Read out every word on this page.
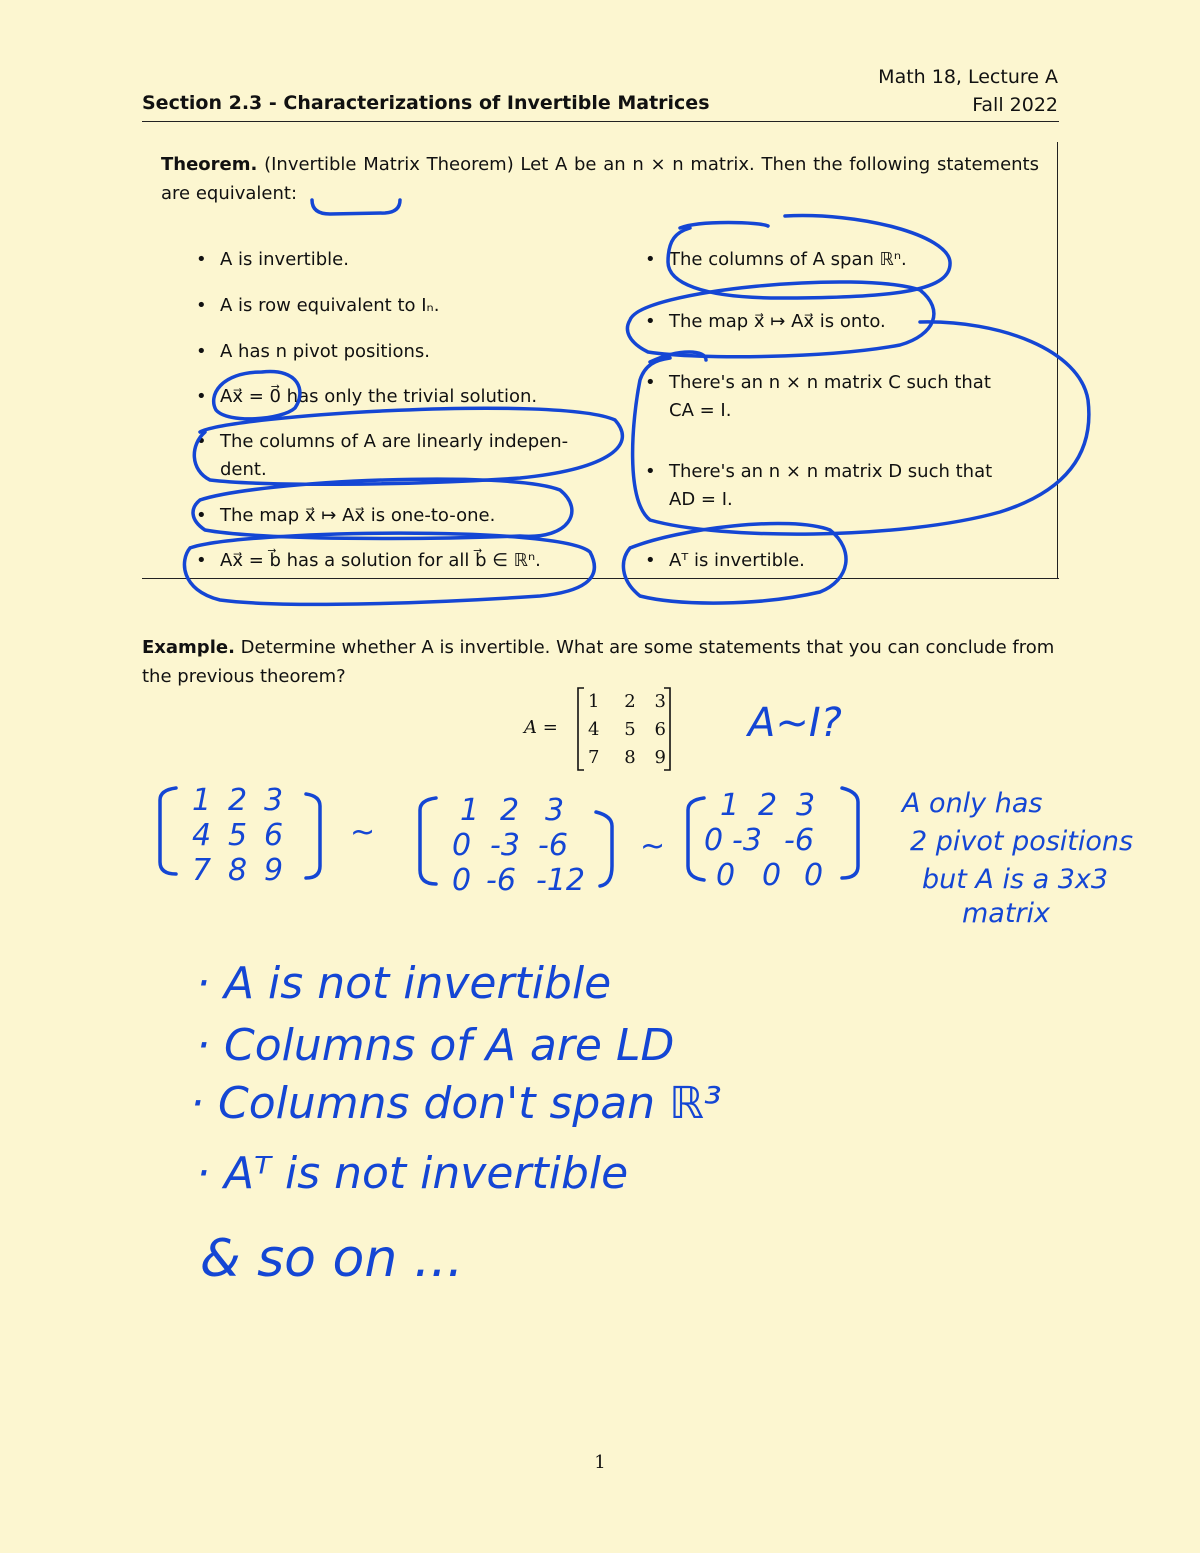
Math 18, Lecture A
Fall 2022
Section 2.3 - Characterizations of Invertible Matrices
Theorem. (Invertible Matrix Theorem) Let A be an n × n matrix. Then the following statements are equivalent:
• A is invertible.
• A is row equivalent to Iₙ.
• A has n pivot positions.
• Ax⃗ = 0⃗ has only the trivial solution.
• The columns of A are linearly indepen-
dent.
• The map x⃗ ↦ Ax⃗ is one-to-one.
• Ax⃗ = b⃗ has a solution for all b⃗ ∈ ℝⁿ.
• The columns of A span ℝⁿ.
• The map x⃗ ↦ Ax⃗ is onto.
• There's an n × n matrix C such that
CA = I.
• There's an n × n matrix D such that
AD = I.
• Aᵀ is invertible.
Example. Determine whether A is invertible. What are some statements that you can conclude from the previous theorem?
A =
1 2 3
4 5 6
7 8 9
1
A~I?
1 2 3
4 5 6
7 8 9
~
1 2 3
0 -3 -6
0 -6 -12
~
1 2 3
0 -3 -6
0 0 0
A only has
2 pivot positions
but A is a 3x3
matrix
· A is not invertible
· Columns of A are LD
· Columns don't span ℝ³
· Aᵀ is not invertible
& so on ...
